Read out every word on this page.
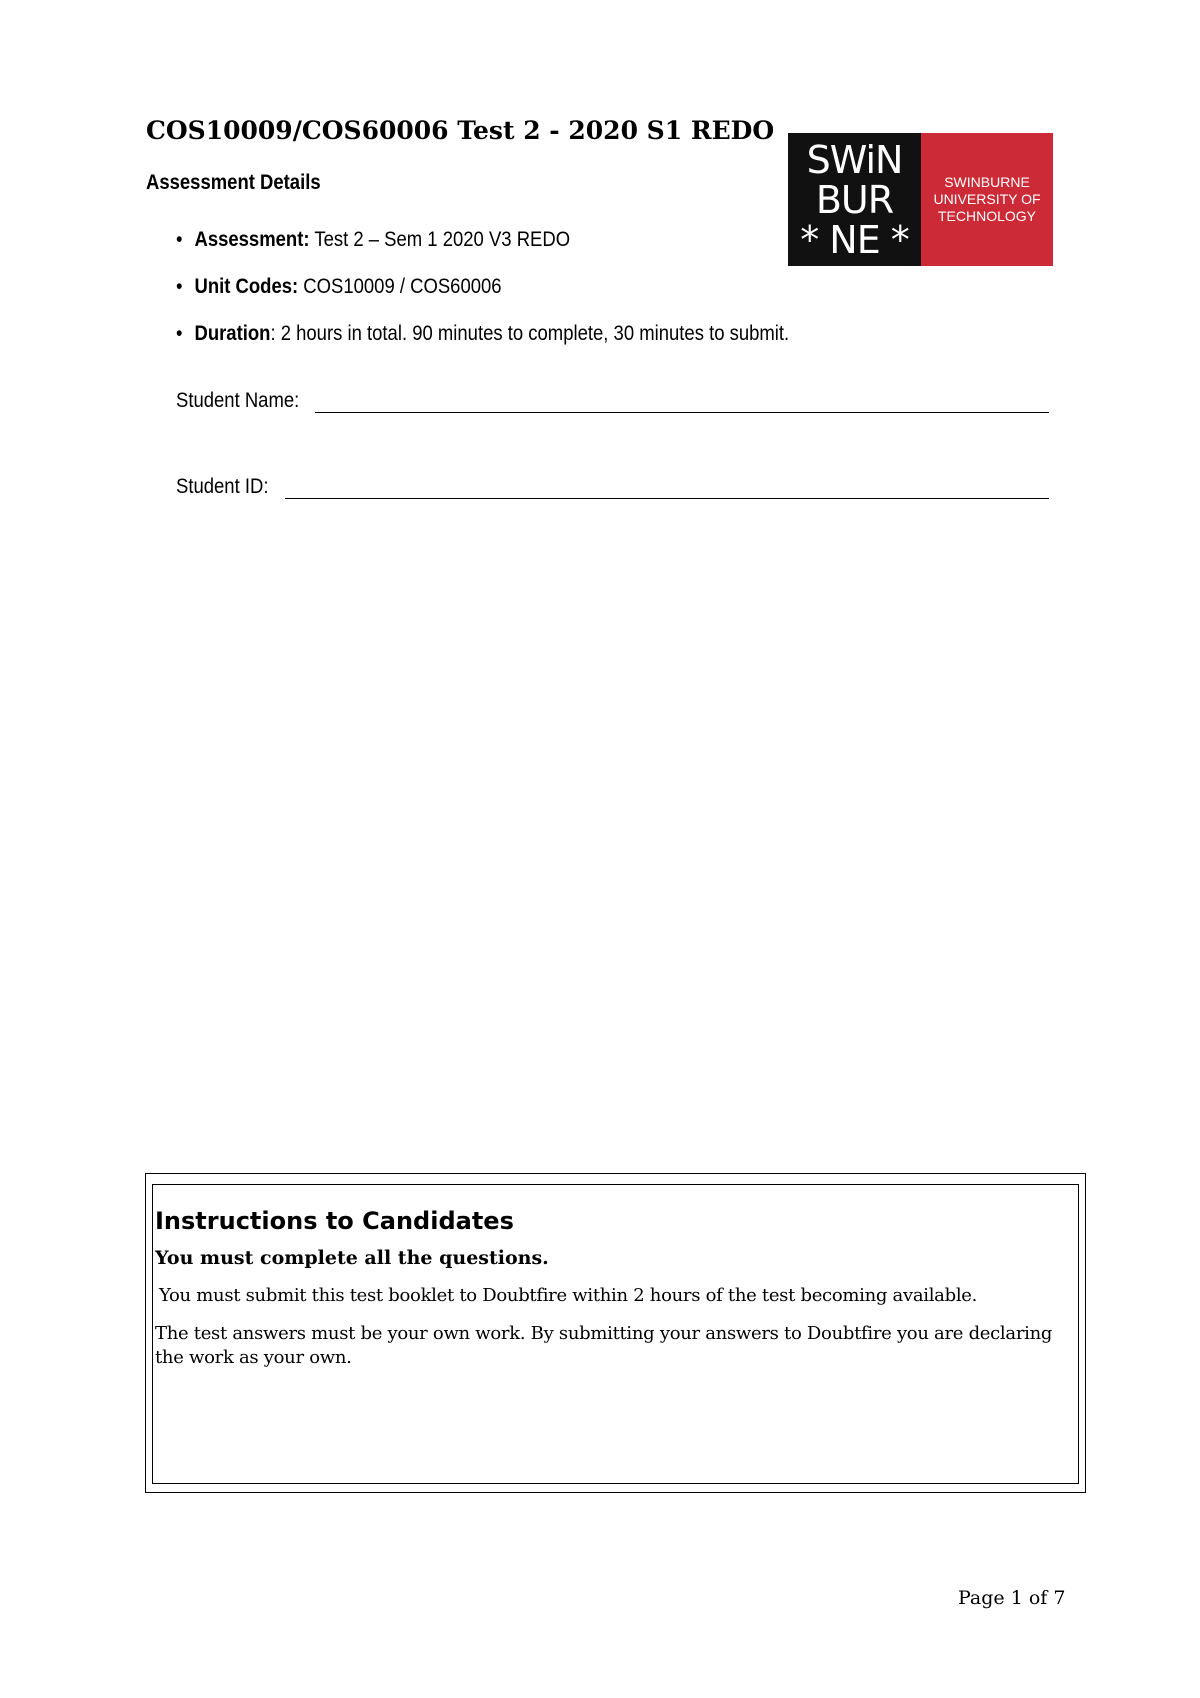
COS10009/COS60006 Test 2 - 2020 S1 REDO
Assessment Details
SWiN
BUR
* NE *
SWINBURNE
UNIVERSITY OF
TECHNOLOGY
• Assessment: Test 2 – Sem 1 2020 V3 REDO
• Unit Codes: COS10009 / COS60006
• Duration: 2 hours in total. 90 minutes to complete, 30 minutes to submit.
Student Name:
Student ID:
Instructions to Candidates

You must complete all the questions.

You must submit this test booklet to Doubtfire within 2 hours of the test becoming available.

The test answers must be your own work. By submitting your answers to Doubtfire you are declaring the work as your own.

Page 1 of 7
